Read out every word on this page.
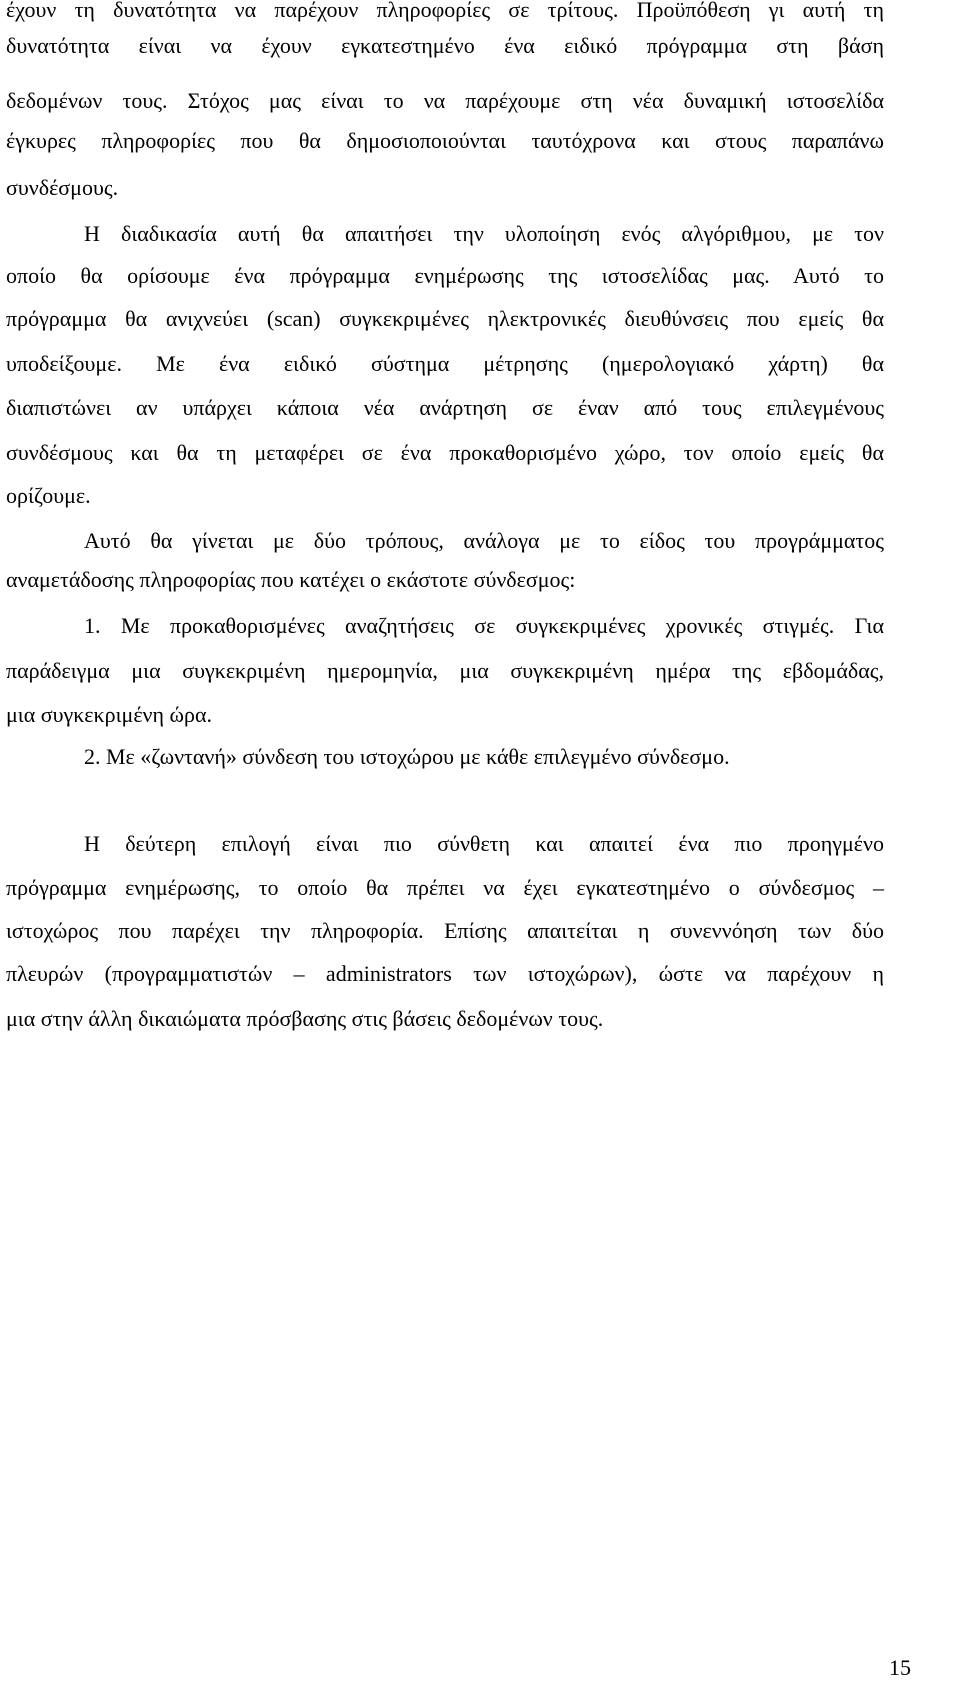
έχουν τη δυνατότητα να παρέχουν πληροφορίες σε τρίτους. Προϋπόθεση γι αυτή τη
δυνατότητα είναι να έχουν εγκατεστημένο ένα ειδικό πρόγραμμα στη βάση
δεδομένων τους. Στόχος μας είναι το να παρέχουμε στη νέα δυναμική ιστοσελίδα
έγκυρες πληροφορίες που θα δημοσιοποιούνται ταυτόχρονα και στους παραπάνω
συνδέσμους.
Η διαδικασία αυτή θα απαιτήσει την υλοποίηση ενός αλγόριθμου, με τον
οποίο θα ορίσουμε ένα πρόγραμμα ενημέρωσης της ιστοσελίδας μας. Αυτό το
πρόγραμμα θα ανιχνεύει (scan) συγκεκριμένες ηλεκτρονικές διευθύνσεις που εμείς θα
υποδείξουμε. Με ένα ειδικό σύστημα μέτρησης (ημερολογιακό χάρτη) θα
διαπιστώνει αν υπάρχει κάποια νέα ανάρτηση σε έναν από τους επιλεγμένους
συνδέσμους και θα τη μεταφέρει σε ένα προκαθορισμένο χώρο, τον οποίο εμείς θα
ορίζουμε.
Αυτό θα γίνεται με δύο τρόπους, ανάλογα με το είδος του προγράμματος
αναμετάδοσης πληροφορίας που κατέχει ο εκάστοτε σύνδεσμος:
1. Με προκαθορισμένες αναζητήσεις σε συγκεκριμένες χρονικές στιγμές. Για
παράδειγμα μια συγκεκριμένη ημερομηνία, μια συγκεκριμένη ημέρα της εβδομάδας,
μια συγκεκριμένη ώρα.
2. Με «ζωντανή» σύνδεση του ιστοχώρου με κάθε επιλεγμένο σύνδεσμο.
Η δεύτερη επιλογή είναι πιο σύνθετη και απαιτεί ένα πιο προηγμένο
πρόγραμμα ενημέρωσης, το οποίο θα πρέπει να έχει εγκατεστημένο ο σύνδεσμος –
ιστοχώρος που παρέχει την πληροφορία. Επίσης απαιτείται η συνεννόηση των δύο
πλευρών (προγραμματιστών – administrators των ιστοχώρων), ώστε να παρέχουν η
μια στην άλλη δικαιώματα πρόσβασης στις βάσεις δεδομένων τους.
15
